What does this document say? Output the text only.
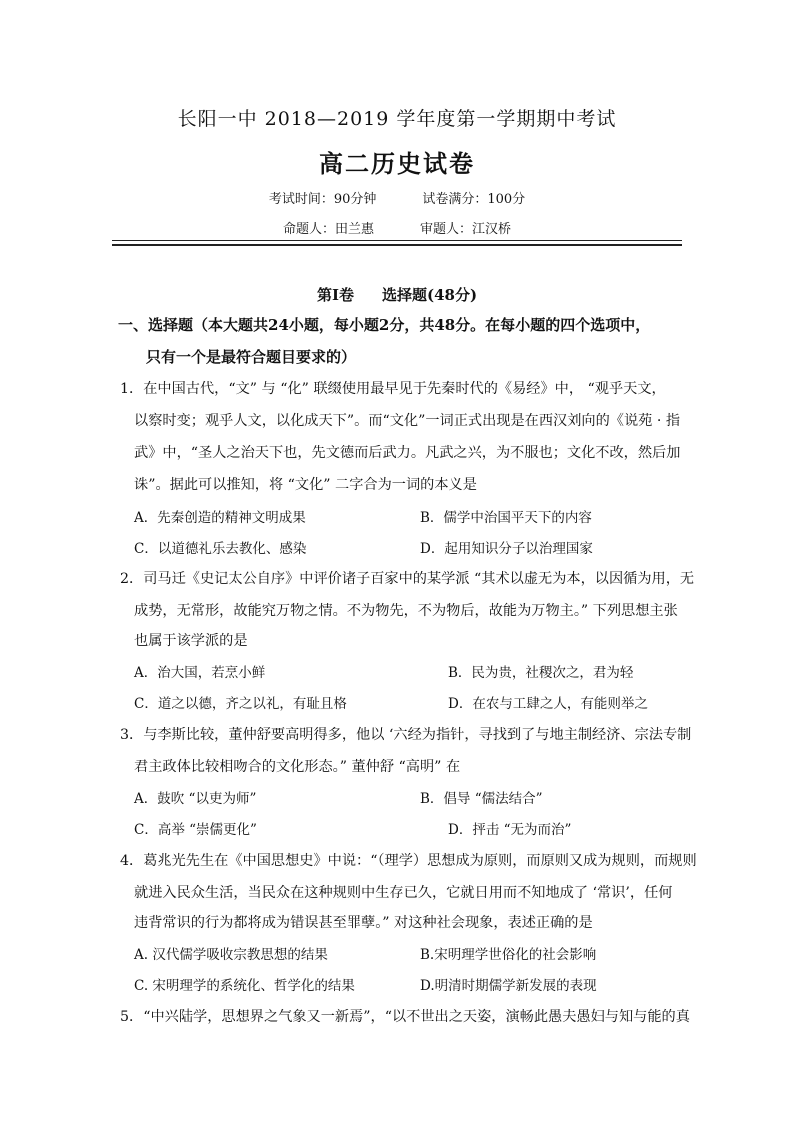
长阳一中 2018—2019 学年度第一学期期中考试
高二历史试卷
考试时间：90分钟	试卷满分：100分
命题人：田兰惠	审题人：江汉桥
第Ⅰ卷 选择题(48分)
一、选择题（本大题共24小题，每小题2分，共48分。在每小题的四个选项中，
只有一个是最符合题目要求的）
1．在中国古代，“文” 与 “化” 联缀使用最早见于先秦时代的《易经》中， “观乎天文，
以察时变；观乎人文，以化成天下”。而“文化”一词正式出现是在西汉刘向的《说苑 · 指
武》中，“圣人之治天下也，先文德而后武力。凡武之兴，为不服也；文化不改，然后加
诛”。据此可以推知，将 “文化” 二字合为一词的本义是
A．先秦创造的精神文明成果	B．儒学中治国平天下的内容
C．以道德礼乐去教化、感染	D．起用知识分子以治理国家
2．司马迁《史记太公自序》中评价诸子百家中的某学派 “其术以虚无为本，以因循为用，无
成势，无常形，故能究万物之情。不为物先，不为物后，故能为万物主。” 下列思想主张
也属于该学派的是
A．治大国，若烹小鲜	B．民为贵，社稷次之，君为轻
C．道之以德，齐之以礼，有耻且格	D．在农与工肆之人，有能则举之
3．与李斯比较，董仲舒要高明得多，他以 ‘六经为指针，寻找到了与地主制经济、宗法专制
君主政体比较相吻合的文化形态。” 董仲舒 “高明” 在
A．鼓吹 “以吏为师”	B．倡导 “儒法结合”
C．高举 “崇儒更化”	D．抨击 “无为而治”
4．葛兆光先生在《中国思想史》中说：“（理学）思想成为原则，而原则又成为规则，而规则
就进入民众生活，当民众在这种规则中生存已久，它就日用而不知地成了 ‘常识’，任何
违背常识的行为都将成为错误甚至罪孽。” 对这种社会现象，表述正确的是
A. 汉代儒学吸收宗教思想的结果	B.宋明理学世俗化的社会影响
C. 宋明理学的系统化、哲学化的结果	D.明清时期儒学新发展的表现
5．“中兴陆学，思想界之气象又一新焉”，“以不世出之天姿，演畅此愚夫愚妇与知与能的真
